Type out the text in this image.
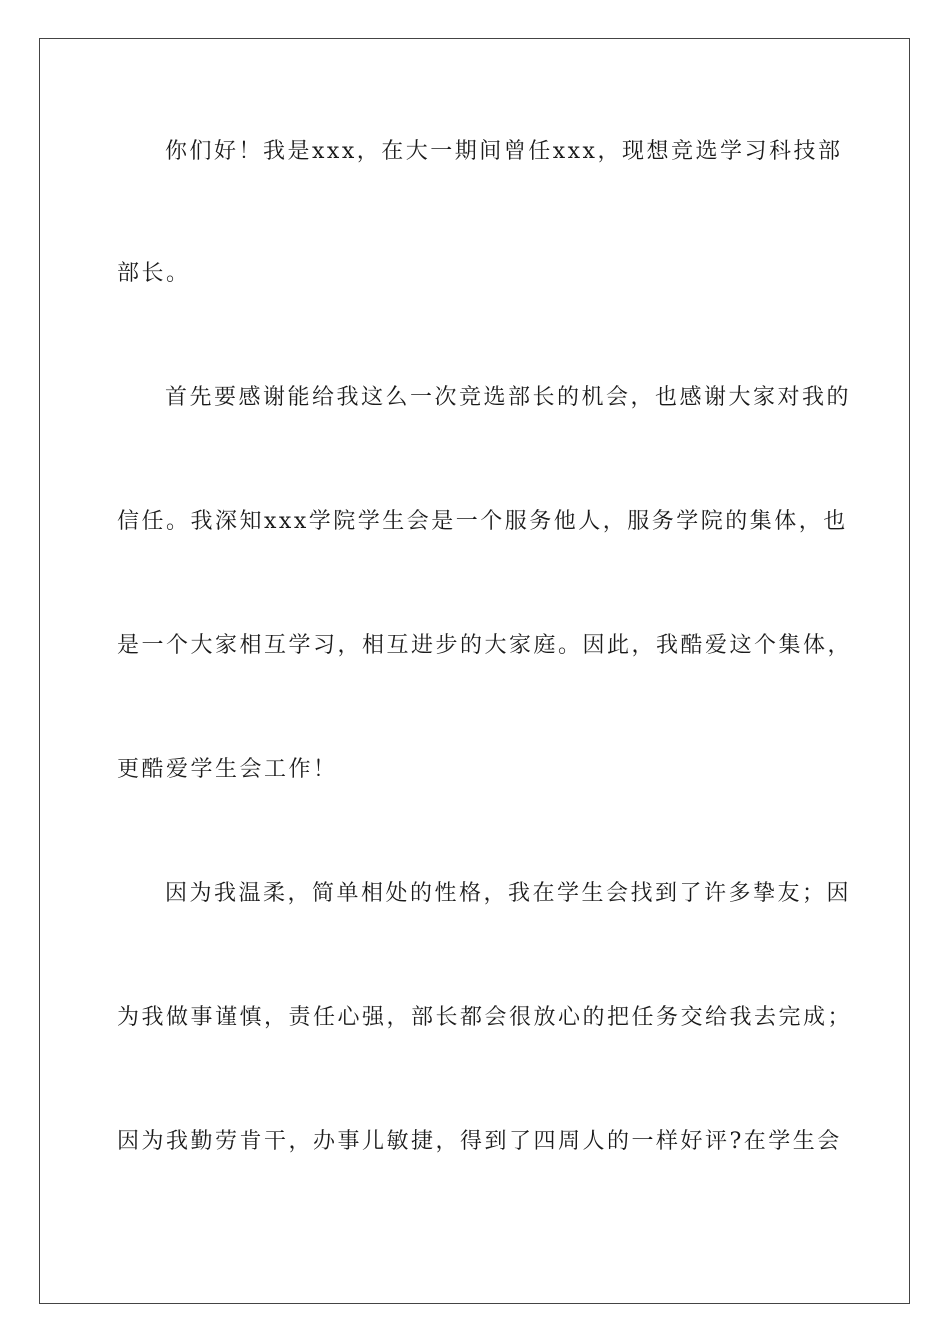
你们好！我是xxx，在大一期间曾任xxx，现想竞选学习科技部
部长。
首先要感谢能给我这么一次竞选部长的机会，也感谢大家对我的
信任。我深知xxx学院学生会是一个服务他人，服务学院的集体，也
是一个大家相互学习，相互进步的大家庭。因此，我酷爱这个集体，
更酷爱学生会工作！
因为我温柔，简单相处的性格，我在学生会找到了许多挚友；因
为我做事谨慎，责任心强，部长都会很放心的把任务交给我去完成；
因为我勤劳肯干，办事儿敏捷，得到了四周人的一样好评?在学生会
